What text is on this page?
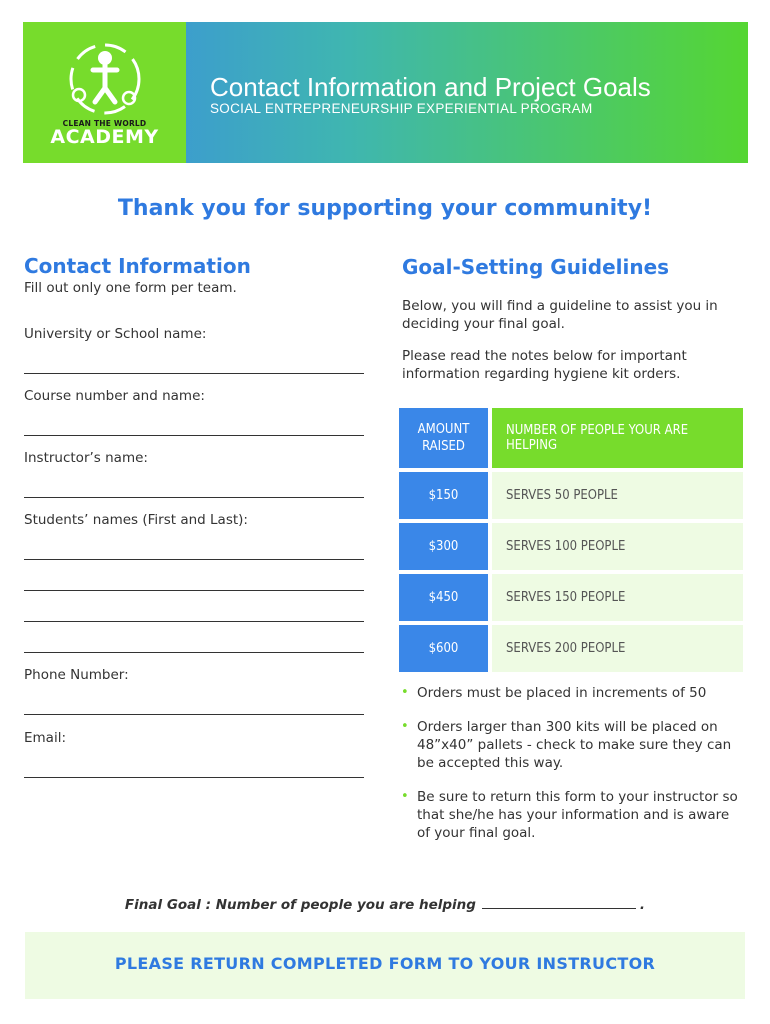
CLEAN THE WORLD
ACADEMY
Contact Information and Project Goals
SOCIAL ENTREPRENEURSHIP EXPERIENTIAL PROGRAM
Thank you for supporting your community!
Contact Information
Fill out only one form per team.
University or School name:
Course number and name:
Instructor’s name:
Students’ names (First and Last):
Phone Number:
Email:
Goal-Setting Guidelines
Below, you will find a guideline to assist you in deciding your final goal.
Please read the notes below for important information regarding hygiene kit orders.
AMOUNT RAISED	NUMBER OF PEOPLE YOUR ARE HELPING
$150	SERVES 50 PEOPLE
$300	SERVES 100 PEOPLE
$450	SERVES 150 PEOPLE
$600	SERVES 200 PEOPLE
• Orders must be placed in increments of 50
• Orders larger than 300 kits will be placed on 48”x40” pallets - check to make sure they can be accepted this way.
• Be sure to return this form to your instructor so that she/he has your information and is aware of your final goal.
Final Goal : Number of people you are helping	.
PLEASE RETURN COMPLETED FORM TO YOUR INSTRUCTOR
